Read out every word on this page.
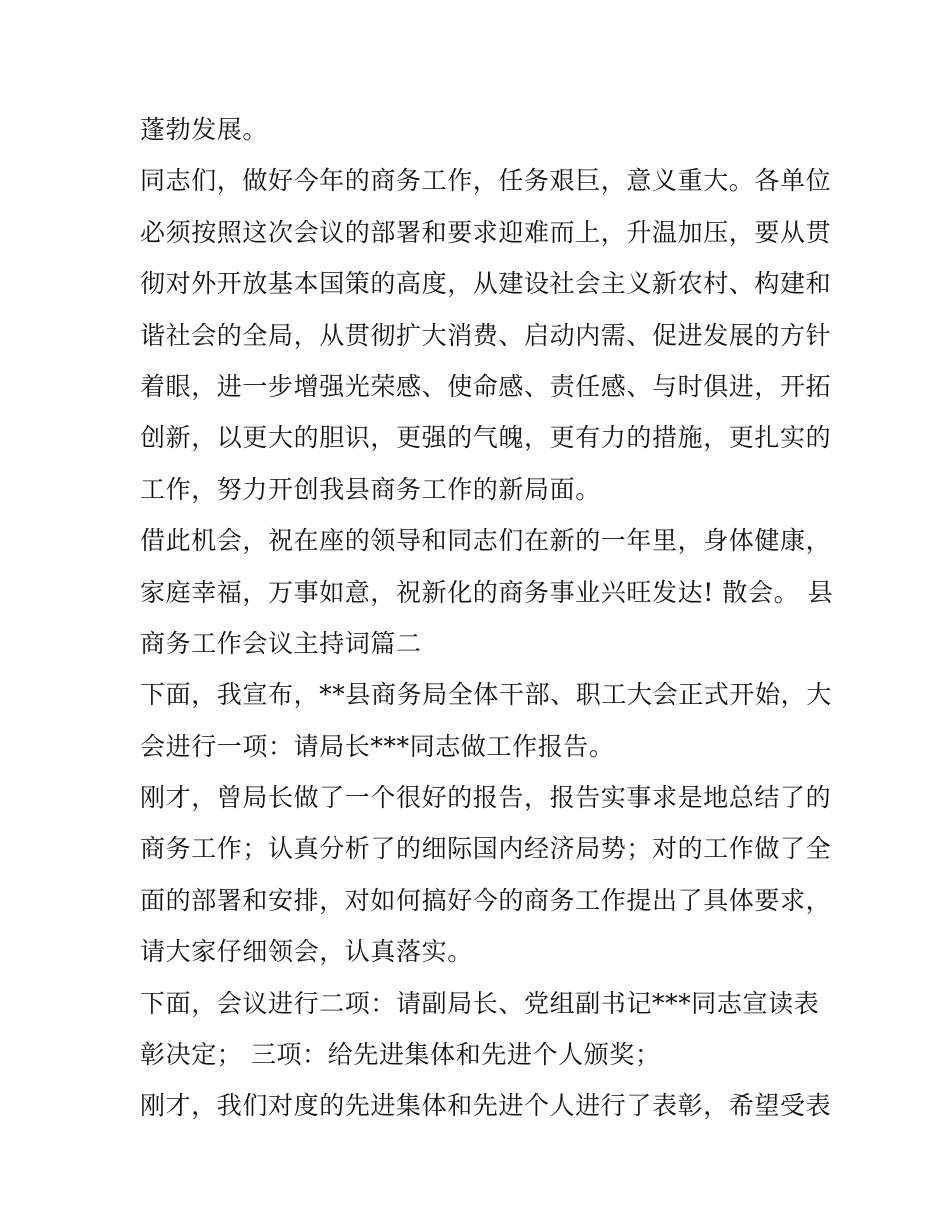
蓬勃发展。
同志们，做好今年的商务工作，任务艰巨，意义重大。各单位
必须按照这次会议的部署和要求迎难而上，升温加压，要从贯
彻对外开放基本国策的高度，从建设社会主义新农村、构建和
谐社会的全局，从贯彻扩大消费、启动内需、促进发展的方针
着眼，进一步增强光荣感、使命感、责任感、与时俱进，开拓
创新，以更大的胆识，更强的气魄，更有力的措施，更扎实的
工作，努力开创我县商务工作的新局面。
借此机会，祝在座的领导和同志们在新的一年里，身体健康，
家庭幸福，万事如意，祝新化的商务事业兴旺发达! 散会。 县
商务工作会议主持词篇二
下面，我宣布，**县商务局全体干部、职工大会正式开始，大
会进行一项：请局长***同志做工作报告。
刚才，曾局长做了一个很好的报告，报告实事求是地总结了的
商务工作；认真分析了的细际国内经济局势；对的工作做了全
面的部署和安排，对如何搞好今的商务工作提出了具体要求，
请大家仔细领会，认真落实。
下面，会议进行二项：请副局长、党组副书记***同志宣读表
彰决定； 三项：给先进集体和先进个人颁奖；
刚才，我们对度的先进集体和先进个人进行了表彰，希望受表
